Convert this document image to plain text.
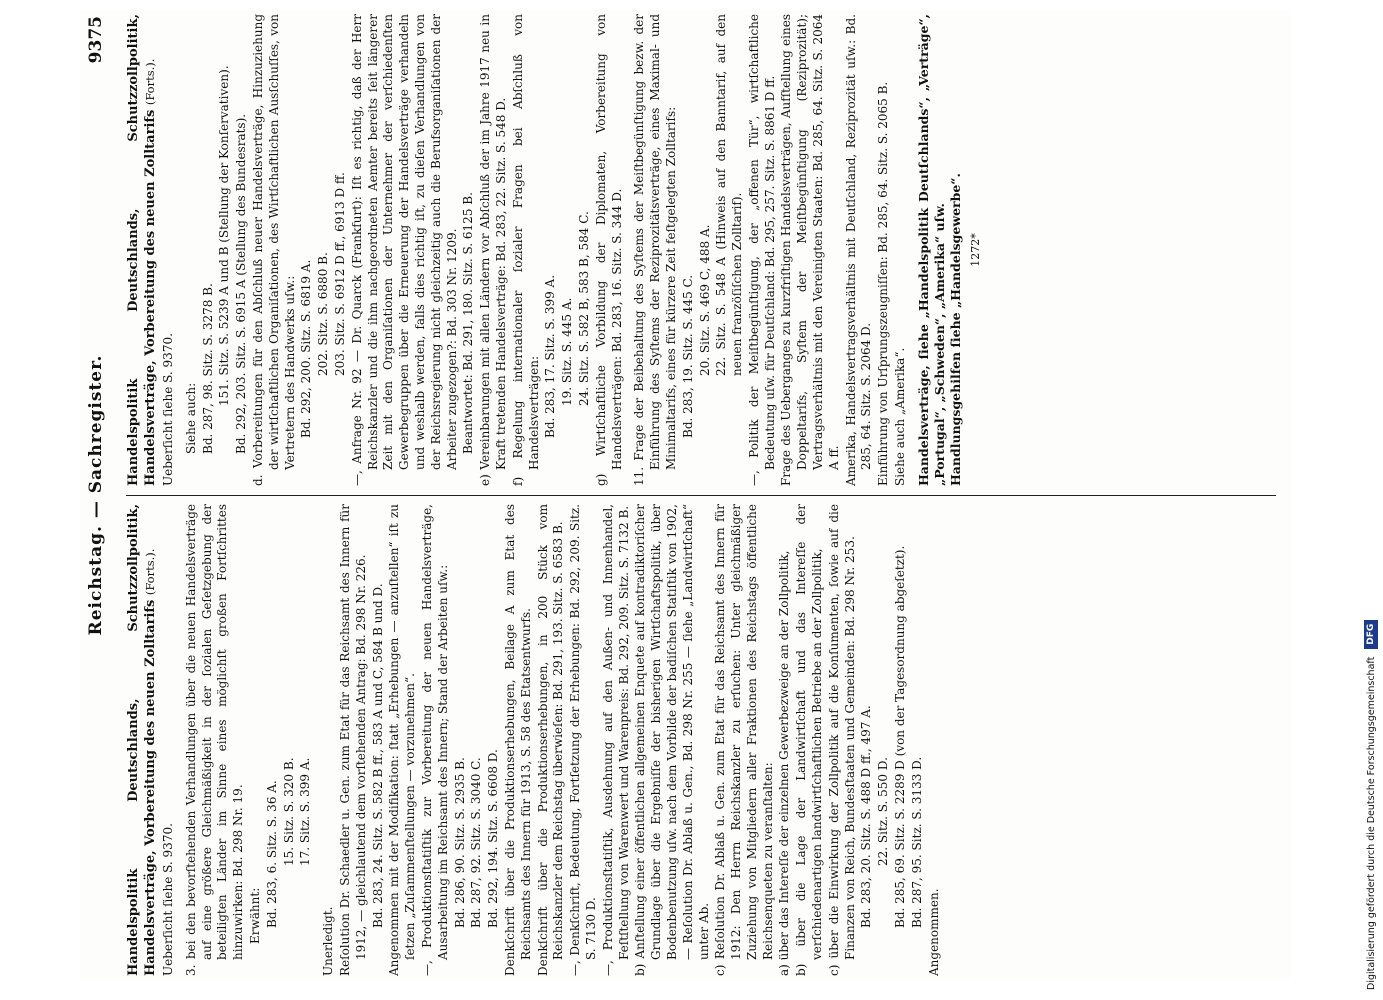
Reichstag. — Sachregister.
9375
Handelspolitik Deutschlands, Schutzzollpolitik, Handelsverträge, Vorbereitung des neuen Zolltarifs (Forts.).

Ueberſicht ſiehe S. 9370. 3. bei den bevorſtehenden Verhandlungen über die neuen Handelsverträge auf eine größere Gleichmäßigkeit in der ſozialen Geſetzgebung der beteiligten Länder im Sinne eines möglichſt großen Fortſchrittes hinzuwirken: Bd. 298 Nr. 19. Erwähnt: Bd. 283, 6. Sitz. S. 36 A. 15. Sitz. S. 320 B. 17. Sitz. S. 399 A.

Unerledigt. Reſolution Dr. Schaedler u. Gen. zum Etat für das Reichsamt des Innern für 1912, — gleichlautend dem vorſtehenden Antrag: Bd. 298 Nr. 226. Bd. 283, 24. Sitz. S. 582 B ff., 583 A und C, 584 B und D. Angenommen mit der Modifikation: ſtatt „Erhebungen — anzuſtellen“ iſt zu ſetzen „Zuſammenſtellungen — vorzunehmen“. —, Produktionsſtatiſtik zur Vorbereitung der neuen Handelsverträge, Ausarbeitung im Reichsamt des Innern; Stand der Arbeiten uſw.: Bd. 286, 90. Sitz. S. 2935 B. Bd. 287, 92. Sitz. S. 3040 C. Bd. 292, 194. Sitz. S. 6608 D. Denkſchrift über die Produktionserhebungen, Beilage A zum Etat des Reichsamts des Innern für 1913, S. 58 des Etatsentwurfs. Denkſchrift über die Produktionserhebungen, in 200 Stück vom Reichskanzler dem Reichstag überwieſen: Bd. 291, 193. Sitz. S. 6583 B. —, Denkſchrift, Bedeutung, Fortſetzung der Erhebungen: Bd. 292, 209. Sitz. S. 7130 D. —, Produktionsſtatiſtik, Ausdehnung auf den Außen- und Innenhandel, Feſtſtellung von Warenwert und Warenpreis: Bd. 292, 209. Sitz. S. 7132 B. b) Anſtellung einer öffentlichen allgemeinen Enquete auf kontradiktoriſcher Grundlage über die Ergebniſſe der bisherigen Wirtſchaftspolitik, über Bodenbenutzung uſw. nach dem Vorbilde der badiſchen Statiſtik von 1902, — Reſolution Dr. Ablaß u. Gen., Bd. 298 Nr. 255 — ſiehe „Landwirtſchaft“ unter Ab. c) Reſolution Dr. Ablaß u. Gen. zum Etat für das Reichsamt des Innern für 1912: Den Herrn Reichskanzler zu erſuchen: Unter gleichmäßiger Zuziehung von Mitgliedern aller Fraktionen des Reichstags öffentliche Reichsenqueten zu veranſtalten: a) über das Intereſſe der einzelnen Gewerbezweige an der Zollpolitik, b) über die Lage der Landwirtſchaft und das Intereſſe der verſchiedenartigen landwirtſchaftlichen Betriebe an der Zollpolitik, c) über die Einwirkung der Zollpolitik auf die Konſumenten, ſowie auf die Finanzen von Reich, Bundesſtaaten und Gemeinden: Bd. 298 Nr. 253. Bd. 283, 20. Sitz. S. 488 D ff., 497 A. 22. Sitz. S. 550 D. Bd. 285, 69. Sitz. S. 2289 D (von der Tagesordnung abgeſetzt). Bd. 287, 95. Sitz. S. 3133 D.

Angenommen.

Handelspolitik Deutschlands, Schutzzollpolitik, Handelsverträge, Vorbereitung des neuen Zolltarifs (Forts.).

Ueberſicht ſiehe S. 9370. Siehe auch: Bd. 287, 98. Sitz. S. 3278 B. 151. Sitz. S. 5239 A und B (Stellung der Konſervativen). Bd. 292, 203. Sitz. S. 6915 A (Stellung des Bundesrats). d. Vorbereitungen für den Abſchluß neuer Handelsverträge, Hinzuziehung der wirtſchaftlichen Organiſationen, des Wirtſchaftlichen Ausſchuſſes, von Vertretern des Handwerks uſw.: Bd. 292, 200. Sitz. S. 6819 A. 202. Sitz. S. 6880 B. 203. Sitz. S. 6912 D ff., 6913 D ff. —, Anfrage Nr. 92 — Dr. Quarck (Frankfurt): Iſt es richtig, daß der Herr Reichskanzler und die ihm nachgeordneten Aemter bereits ſeit längerer Zeit mit den Organiſationen der Unternehmer der verſchiedenſten Gewerbegruppen über die Erneuerung der Handelsverträge verhandeln und weshalb werden, falls dies richtig iſt, zu dieſen Verhandlungen von der Reichsregierung nicht gleichzeitig auch die Berufsorganiſationen der Arbeiter zugezogen?: Bd. 303 Nr. 1209. Beantwortet: Bd. 291, 180. Sitz. S. 6125 B. e) Vereinbarungen mit allen Ländern vor Abſchluß der im Jahre 1917 neu in Kraft tretenden Handelsverträge: Bd. 283, 22. Sitz. S. 548 D. f) Regelung internationaler ſozialer Fragen bei Abſchluß von Handelsverträgen: Bd. 283, 17. Sitz. S. 399 A. 19. Sitz. S. 445 A. 24. Sitz. S. 582 B, 583 B, 584 C. g) Wirtſchaftliche Vorbildung der Diplomaten, Vorbereitung von Handelsverträgen: Bd. 283, 16. Sitz. S. 344 D. 11. Frage der Beibehaltung des Syſtems der Meiſtbegünſtigung bezw. der Einführung des Syſtems der Reziprozitätsverträge, eines Maximal- und Minimaltarifs, eines für kürzere Zeit feſtgelegten Zolltarifs: Bd. 283, 19. Sitz. S. 445 C. 20. Sitz. S. 469 C, 488 A. 22. Sitz. S. 548 A (Hinweis auf den Banntarif, auf den neuen franzöſiſchen Zolltarif). —, Politik der Meiſtbegünſtigung, der „offenen Tür“, wirtſchaftliche Bedeutung uſw. für Deutſchland: Bd. 295, 257. Sitz. S. 8861 D ff. Frage des Ueberganges zu kurzfriſtigen Handelsverträgen, Aufſtellung eines Doppeltarifs, Syſtem der Meiſtbegünſtigung (Reziprozität); Vertragsverhältnis mit den Vereinigten Staaten: Bd. 285, 64. Sitz. S. 2064 A ff. Amerika, Handelsvertragsverhältnis mit Deutſchland, Reziprozität uſw.: Bd. 285, 64. Sitz. S. 2064 D. Einführung von Urſprungszeugniſſen: Bd. 285, 64. Sitz. S. 2065 B. Siehe auch „Amerika“. Handelsverträge, ſiehe „Handelspolitik Deutſchlands“, „Verträge“, „Portugal“, „Schweden“, „Amerika“ uſw. Handlungsgehilfen ſiehe „Handelsgewerbe“. 1272*
Digitalisierung gefördert durch die Deutsche Forschungsgemeinschaft
DFG
